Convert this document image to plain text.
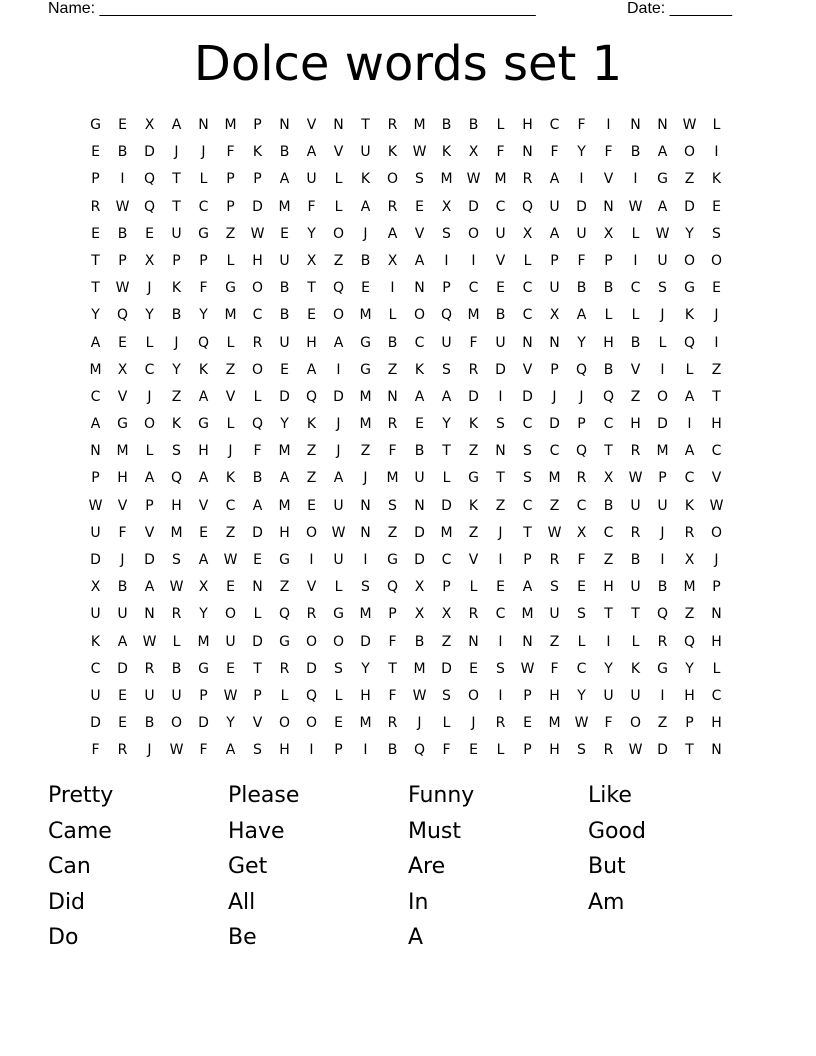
Name: _________________________________________________	Date: _______
Dolce words set 1
G	E	X	A	N	M	P	N	V	N	T	R	M	B	B	L	H	C	F	I	N	N	W	L
E	B	D	J	J	F	K	B	A	V	U	K	W	K	X	F	N	F	Y	F	B	A	O	I
P	I	Q	T	L	P	P	A	U	L	K	O	S	M	W	M	R	A	I	V	I	G	Z	K
R	W	Q	T	C	P	D	M	F	L	A	R	E	X	D	C	Q	U	D	N	W	A	D	E
E	B	E	U	G	Z	W	E	Y	O	J	A	V	S	O	U	X	A	U	X	L	W	Y	S
T	P	X	P	P	L	H	U	X	Z	B	X	A	I	I	V	L	P	F	P	I	U	O	O
T	W	J	K	F	G	O	B	T	Q	E	I	N	P	C	E	C	U	B	B	C	S	G	E
Y	Q	Y	B	Y	M	C	B	E	O	M	L	O	Q	M	B	C	X	A	L	L	J	K	J
A	E	L	J	Q	L	R	U	H	A	G	B	C	U	F	U	N	N	Y	H	B	L	Q	I
M	X	C	Y	K	Z	O	E	A	I	G	Z	K	S	R	D	V	P	Q	B	V	I	L	Z
C	V	J	Z	A	V	L	D	Q	D	M	N	A	A	D	I	D	J	J	Q	Z	O	A	T
A	G	O	K	G	L	Q	Y	K	J	M	R	E	Y	K	S	C	D	P	C	H	D	I	H
N	M	L	S	H	J	F	M	Z	J	Z	F	B	T	Z	N	S	C	Q	T	R	M	A	C
P	H	A	Q	A	K	B	A	Z	A	J	M	U	L	G	T	S	M	R	X	W	P	C	V
W	V	P	H	V	C	A	M	E	U	N	S	N	D	K	Z	C	Z	C	B	U	U	K	W
U	F	V	M	E	Z	D	H	O	W	N	Z	D	M	Z	J	T	W	X	C	R	J	R	O
D	J	D	S	A	W	E	G	I	U	I	G	D	C	V	I	P	R	F	Z	B	I	X	J
X	B	A	W	X	E	N	Z	V	L	S	Q	X	P	L	E	A	S	E	H	U	B	M	P
U	U	N	R	Y	O	L	Q	R	G	M	P	X	X	R	C	M	U	S	T	T	Q	Z	N
K	A	W	L	M	U	D	G	O	O	D	F	B	Z	N	I	N	Z	L	I	L	R	Q	H
C	D	R	B	G	E	T	R	D	S	Y	T	M	D	E	S	W	F	C	Y	K	G	Y	L
U	E	U	U	P	W	P	L	Q	L	H	F	W	S	O	I	P	H	Y	U	U	I	H	C
D	E	B	O	D	Y	V	O	O	E	M	R	J	L	J	R	E	M	W	F	O	Z	P	H
F	R	J	W	F	A	S	H	I	P	I	B	Q	F	E	L	P	H	S	R	W	D	T	N
Pretty	Please	Funny	Like
Came	Have	Must	Good
Can	Get	Are	But
Did	All	In	Am
Do	Be	A
